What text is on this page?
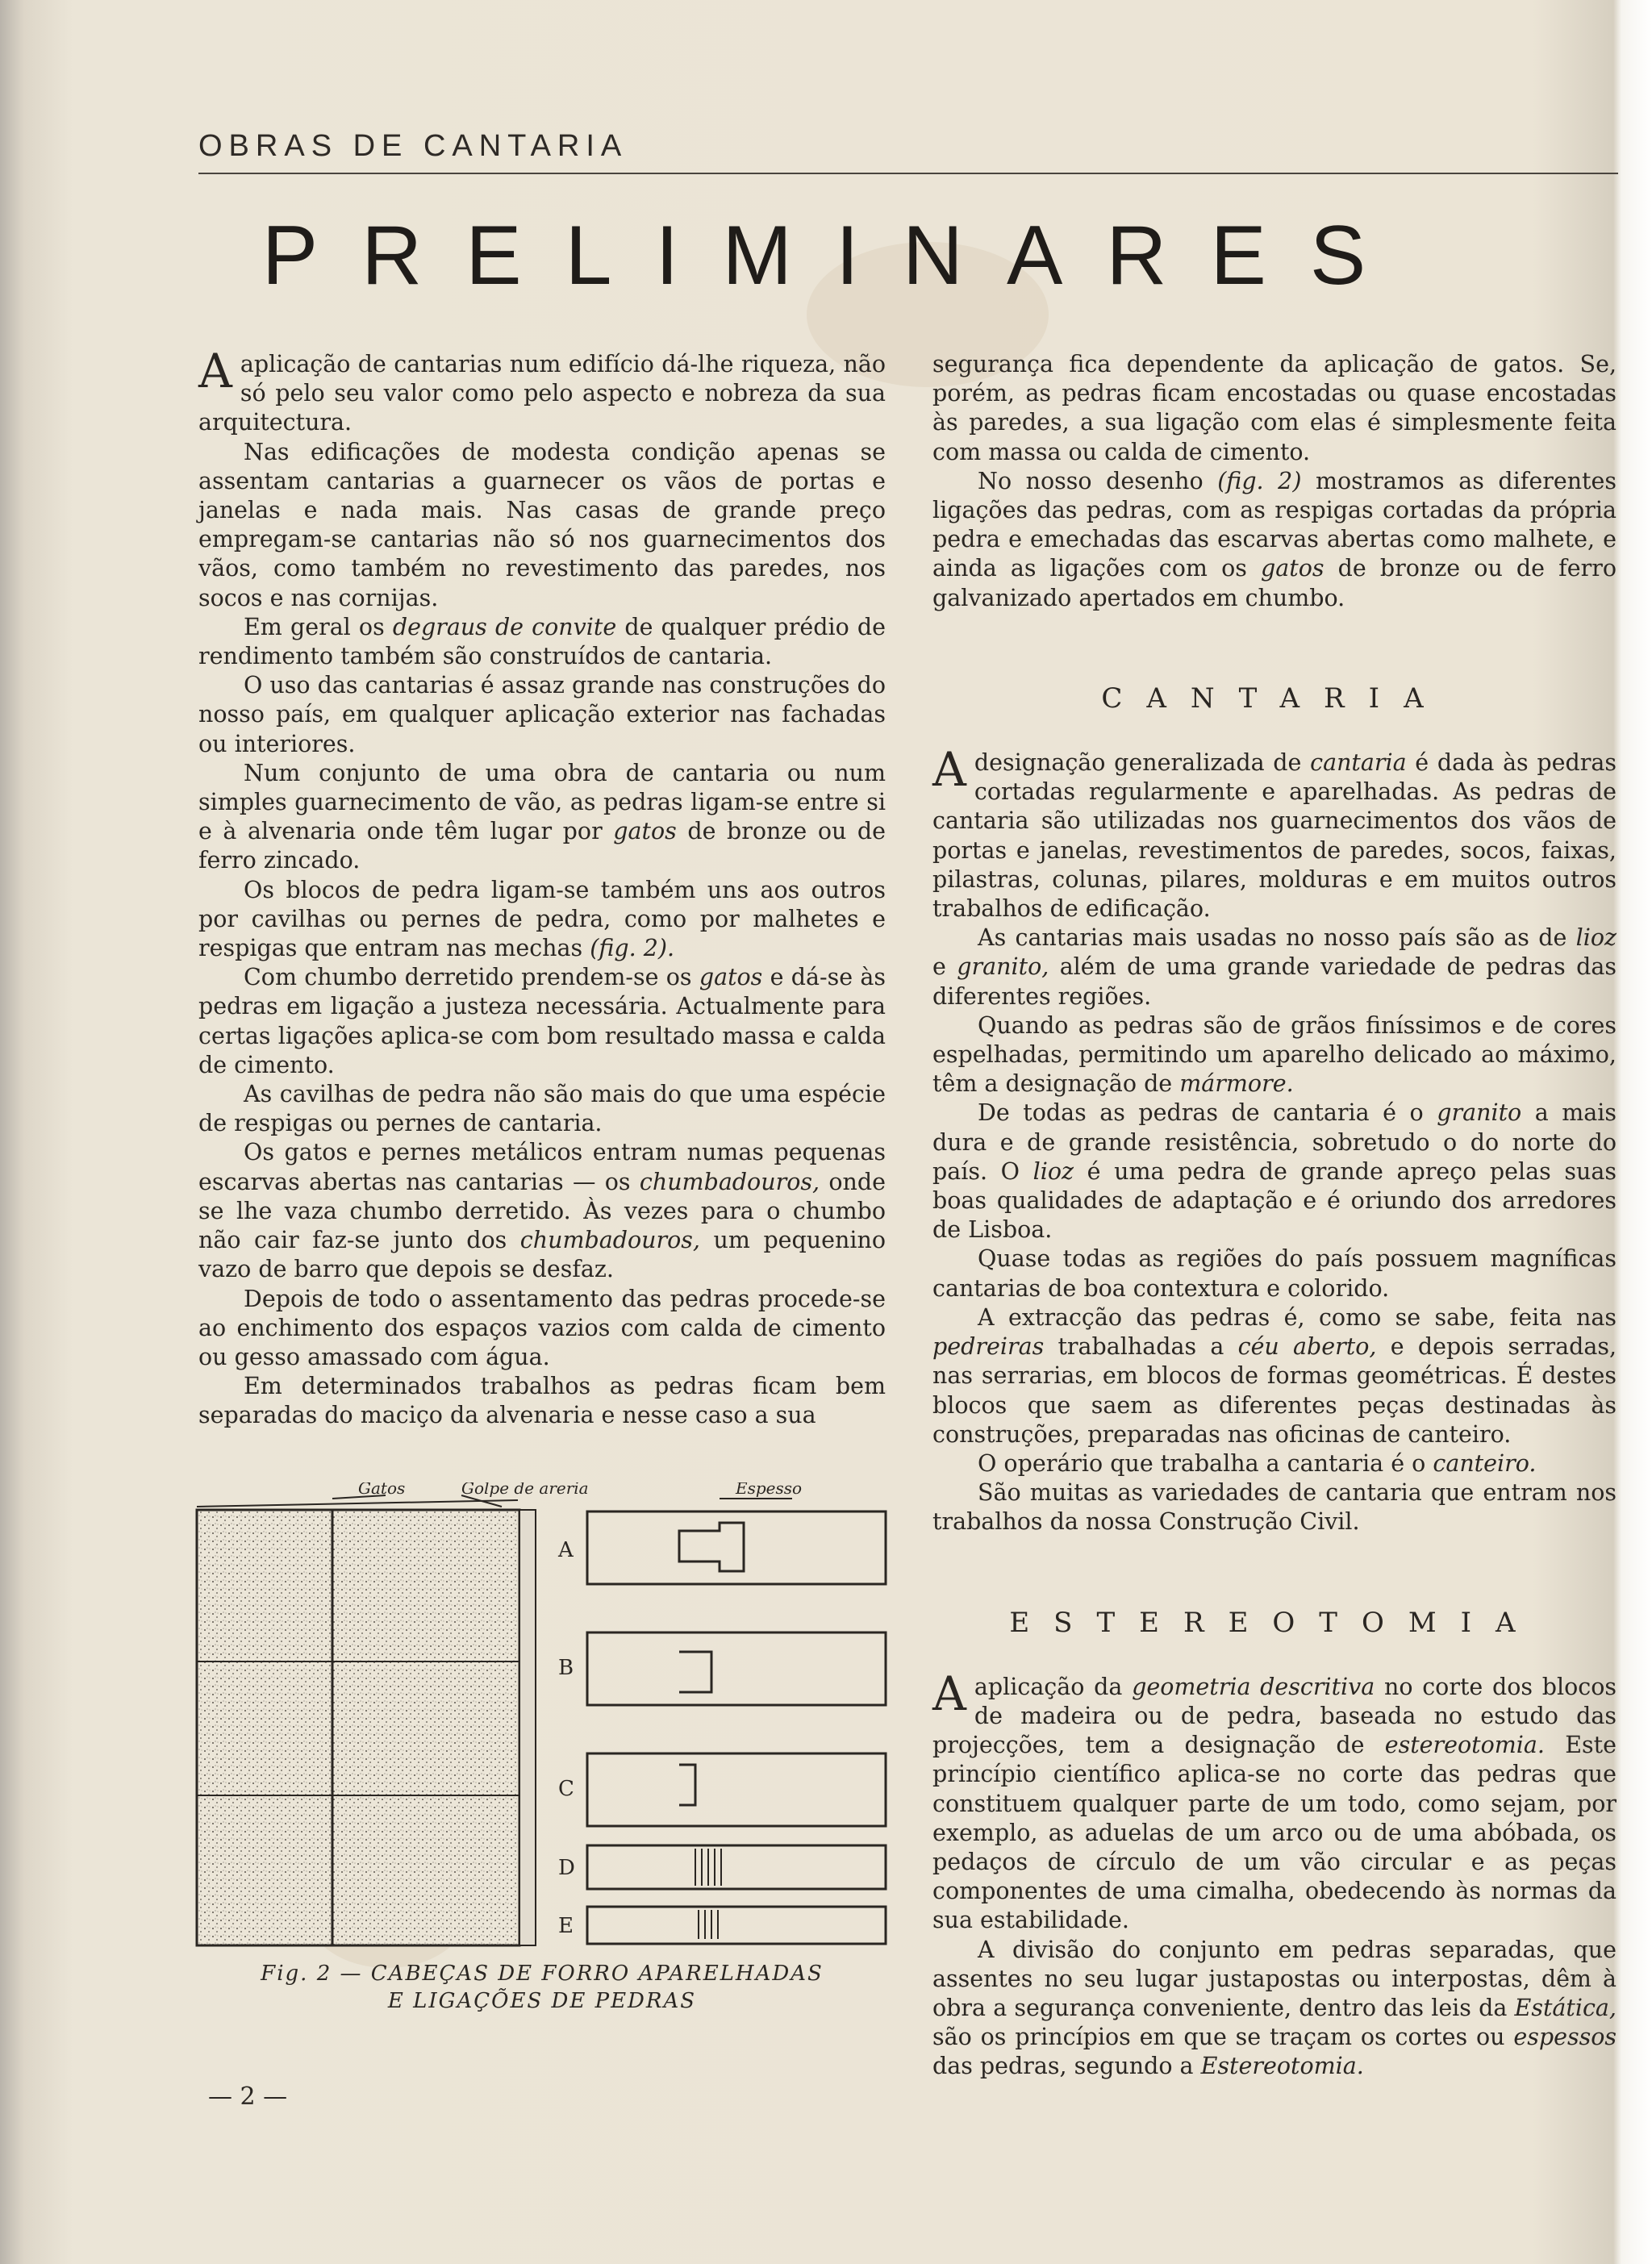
OBRAS DE CANTARIA
PRELIMINARES

Aaplicação de cantarias num edifício dá-lhe riqueza, não só pelo seu valor como pelo aspecto e nobreza da sua arquitectura.

Nas edificações de modesta condição apenas se assentam cantarias a guarnecer os vãos de portas e janelas e nada mais. Nas casas de grande preço empregam-se cantarias não só nos guarnecimentos dos vãos, como também no revestimento das paredes, nos socos e nas cornijas.

Em geral os degraus de convite de qualquer prédio de rendimento também são construídos de cantaria.

O uso das cantarias é assaz grande nas construções do nosso país, em qualquer aplicação exterior nas fachadas ou interiores.

Num conjunto de uma obra de cantaria ou num simples guarnecimento de vão, as pedras ligam-se entre si e à alvenaria onde têm lugar por gatos de bronze ou de ferro zincado.

Os blocos de pedra ligam-se também uns aos outros por cavilhas ou pernes de pedra, como por malhetes e respigas que entram nas mechas (fig. 2).

Com chumbo derretido prendem-se os gatos e dá-se às pedras em ligação a justeza necessária. Actualmente para certas ligações aplica-se com bom resultado massa e calda de cimento.

As cavilhas de pedra não são mais do que uma espécie de respigas ou pernes de cantaria.

Os gatos e pernes metálicos entram numas pequenas escarvas abertas nas cantarias — os chumbadouros, onde se lhe vaza chumbo derretido. Às vezes para o chumbo não cair faz-se junto dos chumbadouros, um pequenino vazo de barro que depois se desfaz.

Depois de todo o assentamento das pedras procede-se ao enchimento dos espaços vazios com calda de cimento ou gesso amassado com água.

Em determinados trabalhos as pedras ficam bem separadas do maciço da alvenaria e nesse caso a sua

Gatos	Golpe de areria	Espesso
A
B
C
D
E
Fig. 2 — CABEÇAS DE FORRO APARELHADAS
E LIGAÇÕES DE PEDRAS

segurança fica dependente da aplicação de gatos. Se, porém, as pedras ficam encostadas ou quase encostadas às paredes, a sua ligação com elas é simplesmente feita com massa ou calda de cimento.

No nosso desenho (fig. 2) mostramos as diferentes ligações das pedras, com as respigas cortadas da própria pedra e emechadas das escarvas abertas como malhete, e ainda as ligações com os gatos de bronze ou de ferro galvanizado apertados em chumbo.

CANTARIA

Adesignação generalizada de cantaria é dada às pedras cortadas regularmente e aparelhadas. As pedras de cantaria são utilizadas nos guarnecimentos dos vãos de portas e janelas, revestimentos de paredes, socos, faixas, pilastras, colunas, pilares, molduras e em muitos outros trabalhos de edificação.

As cantarias mais usadas no nosso país são as de lioz e granito, além de uma grande variedade de pedras das diferentes regiões.

Quando as pedras são de grãos finíssimos e de cores espelhadas, permitindo um aparelho delicado ao máximo, têm a designação de mármore.

De todas as pedras de cantaria é o granito a mais dura e de grande resistência, sobretudo o do norte do país. O lioz é uma pedra de grande apreço pelas suas boas qualidades de adaptação e é oriundo dos arredores de Lisboa.

Quase todas as regiões do país possuem magníficas cantarias de boa contextura e colorido.

A extracção das pedras é, como se sabe, feita nas pedreiras trabalhadas a céu aberto, e depois serradas, nas serrarias, em blocos de formas geométricas. É destes blocos que saem as diferentes peças destinadas às construções, preparadas nas oficinas de canteiro.

O operário que trabalha a cantaria é o canteiro.

São muitas as variedades de cantaria que entram nos trabalhos da nossa Construção Civil.

ESTEREOTOMIA

Aaplicação da geometria descritiva no corte dos blocos de madeira ou de pedra, baseada no estudo das projecções, tem a designação de estereotomia. Este princípio científico aplica-se no corte das pedras que constituem qualquer parte de um todo, como sejam, por exemplo, as aduelas de um arco ou de uma abóbada, os pedaços de círculo de um vão circular e as peças componentes de uma cimalha, obedecendo às normas da sua estabilidade.

A divisão do conjunto em pedras separadas, que assentes no seu lugar justapostas ou interpostas, dêm à obra a segurança conveniente, dentro das leis da Estática, são os princípios em que se traçam os cortes ou espessos das pedras, segundo a Estereotomia.

— 2 —
